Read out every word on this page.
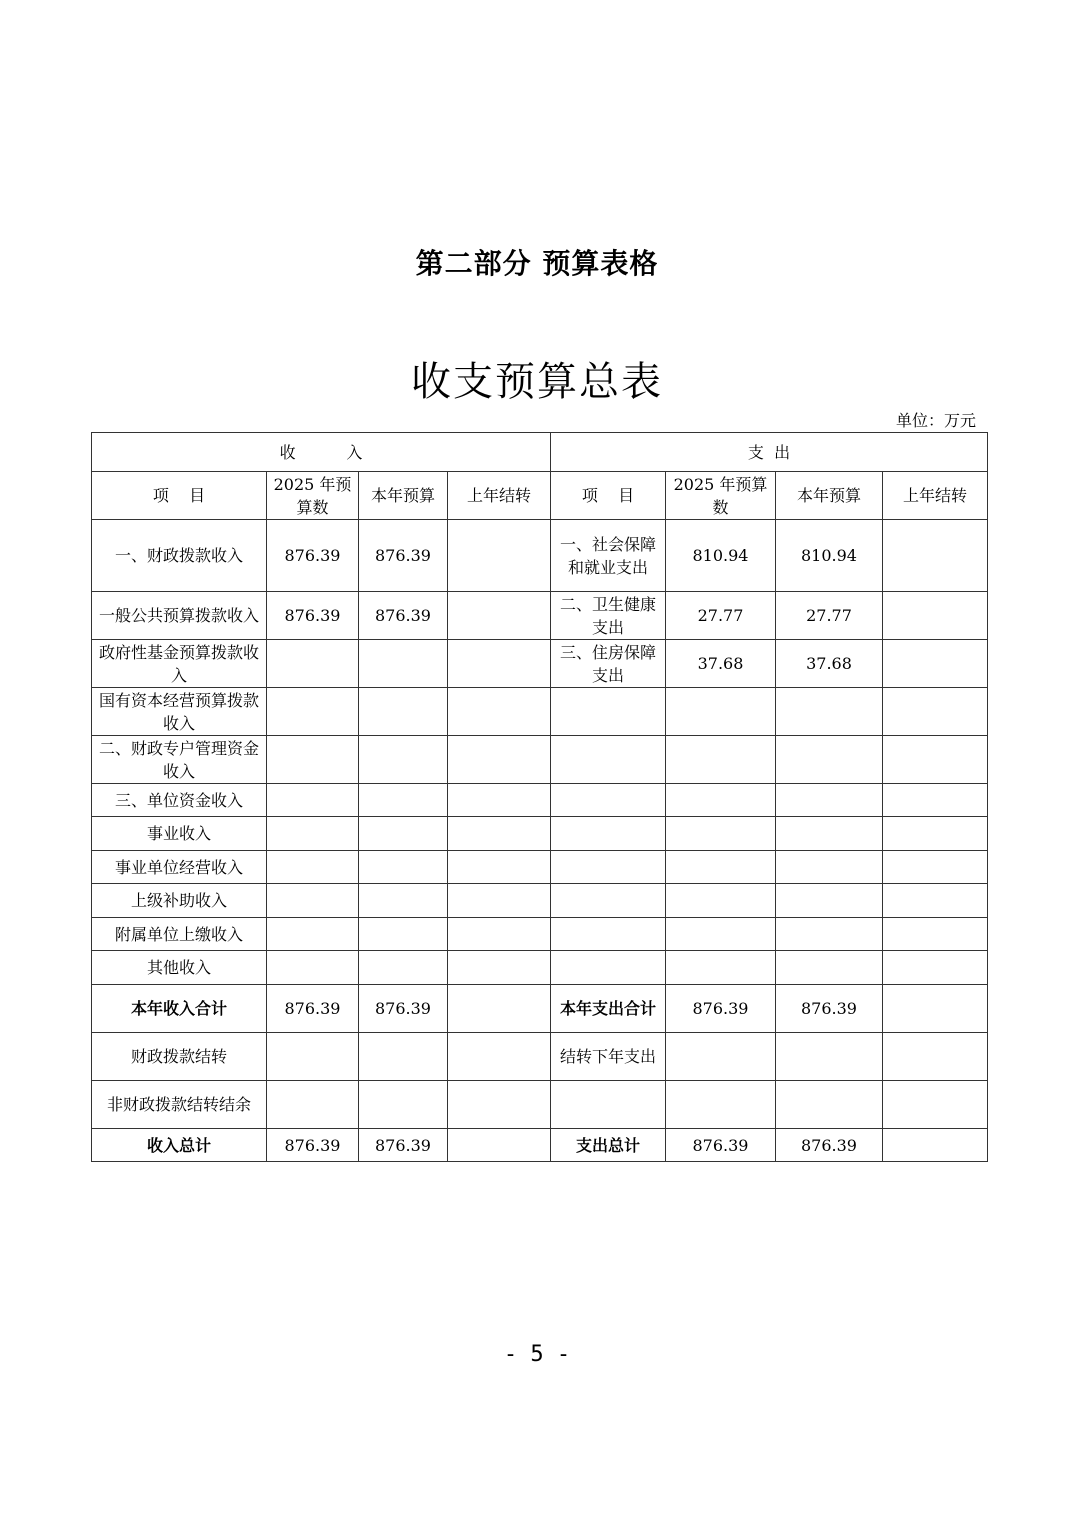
第二部分 预算表格
收支预算总表
单位：万元
收          入				支  出			
项    目	2025 年预算数	本年预算	上年结转	项    目	2025 年预算数	本年预算	上年结转
一、财政拨款收入	876.39	876.39		一、社会保障和就业支出	810.94	810.94	
一般公共预算拨款收入	876.39	876.39		二、卫生健康支出	27.77	27.77	
政府性基金预算拨款收入				三、住房保障支出	37.68	37.68	
国有资本经营预算拨款收入							
二、财政专户管理资金收入							
三、单位资金收入							
事业收入							
事业单位经营收入							
上级补助收入							
附属单位上缴收入							
其他收入							
本年收入合计	876.39	876.39		本年支出合计	876.39	876.39	
财政拨款结转				结转下年支出			
非财政拨款结转结余							
收入总计	876.39	876.39		支出总计	876.39	876.39	
- 5 -
